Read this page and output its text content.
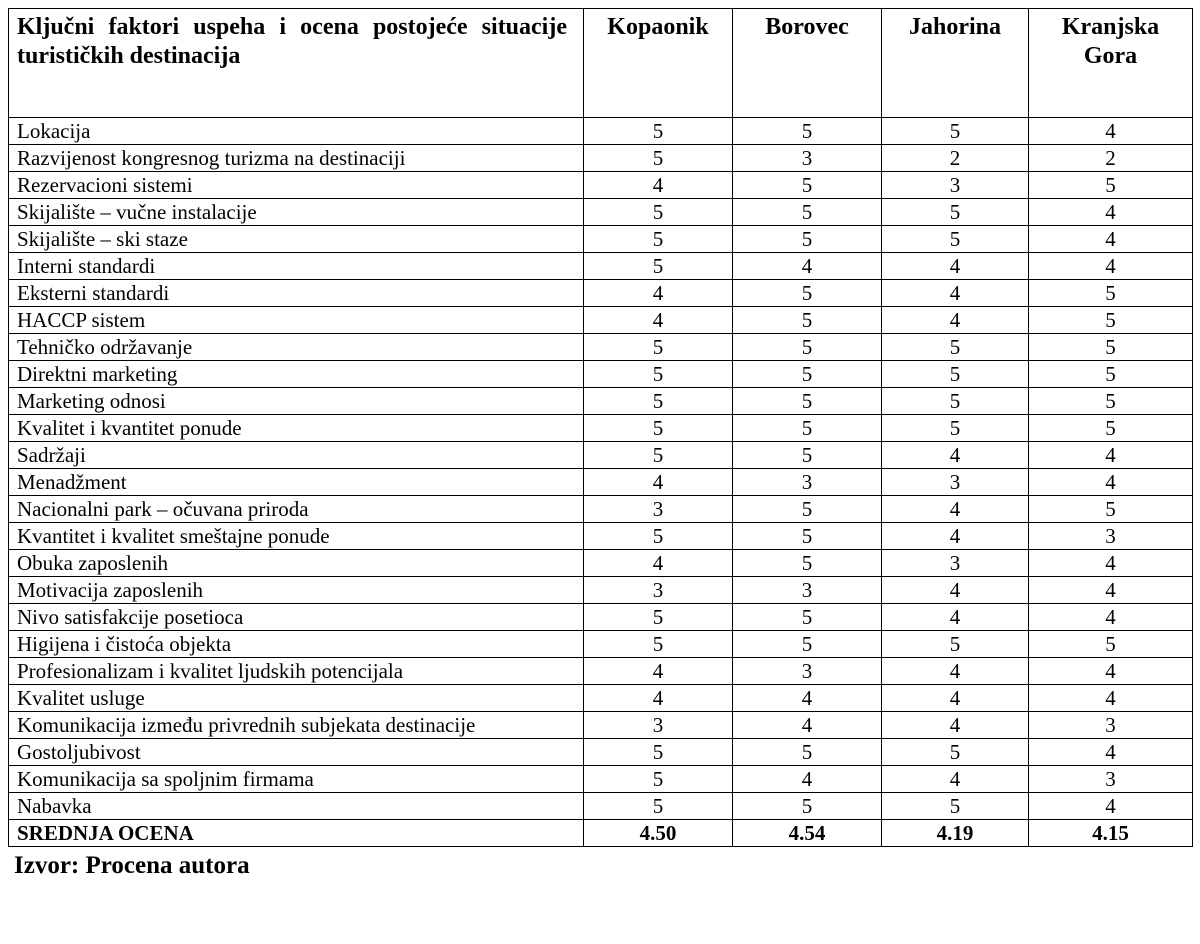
Ključni faktori uspeha i ocena postojeće situacije turističkih destinacija	Kopaonik	Borovec	Jahorina	Kranjska Gora
Lokacija	5	5	5	4
Razvijenost kongresnog turizma na destinaciji	5	3	2	2
Rezervacioni sistemi	4	5	3	5
Skijalište – vučne instalacije	5	5	5	4
Skijalište – ski staze	5	5	5	4
Interni standardi	5	4	4	4
Eksterni standardi	4	5	4	5
HACCP sistem	4	5	4	5
Tehničko održavanje	5	5	5	5
Direktni marketing	5	5	5	5
Marketing odnosi	5	5	5	5
Kvalitet i kvantitet ponude	5	5	5	5
Sadržaji	5	5	4	4
Menadžment	4	3	3	4
Nacionalni park – očuvana priroda	3	5	4	5
Kvantitet i kvalitet smeštajne ponude	5	5	4	3
Obuka zaposlenih	4	5	3	4
Motivacija zaposlenih	3	3	4	4
Nivo satisfakcije posetioca	5	5	4	4
Higijena i čistoća objekta	5	5	5	5
Profesionalizam i kvalitet ljudskih potencijala	4	3	4	4
Kvalitet usluge	4	4	4	4
Komunikacija između privrednih subjekata destinacije	3	4	4	3
Gostoljubivost	5	5	5	4
Komunikacija sa spoljnim firmama	5	4	4	3
Nabavka	5	5	5	4
SREDNJA OCENA	4.50	4.54	4.19	4.15
Izvor: Procena autora
